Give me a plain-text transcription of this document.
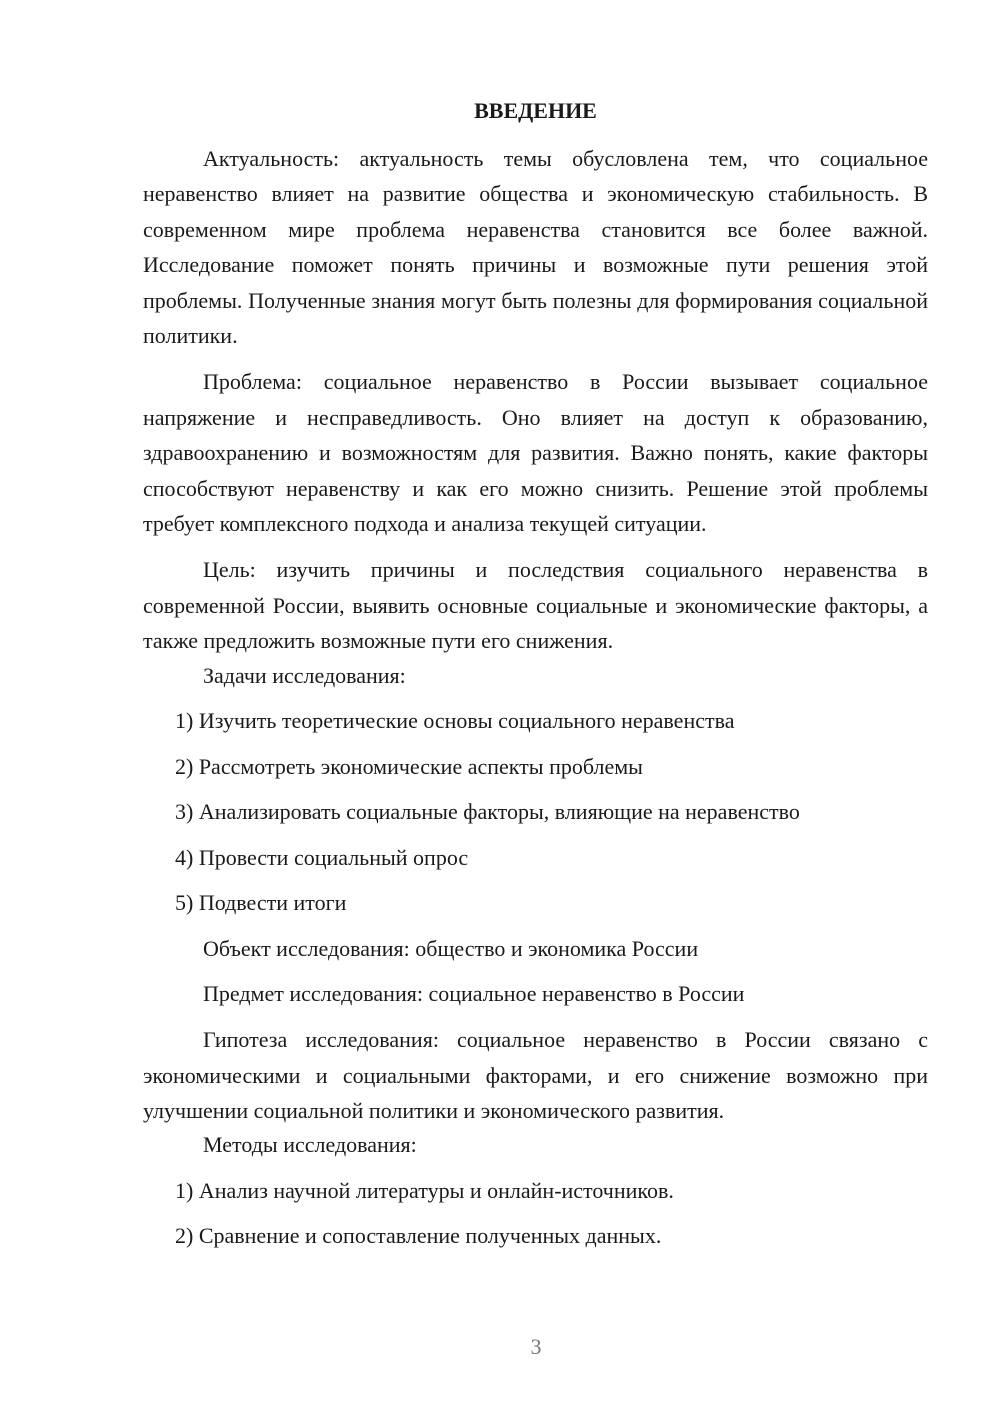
ВВЕДЕНИЕ

Актуальность: актуальность темы обусловлена тем, что социальное неравенство влияет на развитие общества и экономическую стабильность. В современном мире проблема неравенства становится все более важной. Исследование поможет понять причины и возможные пути решения этой проблемы. Полученные знания могут быть полезны для формирования социальной политики.

Проблема: социальное неравенство в России вызывает социальное напряжение и несправедливость. Оно влияет на доступ к образованию, здравоохранению и возможностям для развития. Важно понять, какие факторы способствуют неравенству и как его можно снизить. Решение этой проблемы требует комплексного подхода и анализа текущей ситуации.

Цель: изучить причины и последствия социального неравенства в современной России, выявить основные социальные и экономические факторы, а также предложить возможные пути его снижения.

Задачи исследования:

1) Изучить теоретические основы социального неравенства

2) Рассмотреть экономические аспекты проблемы

3) Анализировать социальные факторы, влияющие на неравенство

4) Провести социальный опрос

5) Подвести итоги

Объект исследования: общество и экономика России

Предмет исследования: социальное неравенство в России

Гипотеза исследования: социальное неравенство в России связано с экономическими и социальными факторами, и его снижение возможно при улучшении социальной политики и экономического развития.

Методы исследования:

1) Анализ научной литературы и онлайн-источников.

2) Сравнение и сопоставление полученных данных.

3
